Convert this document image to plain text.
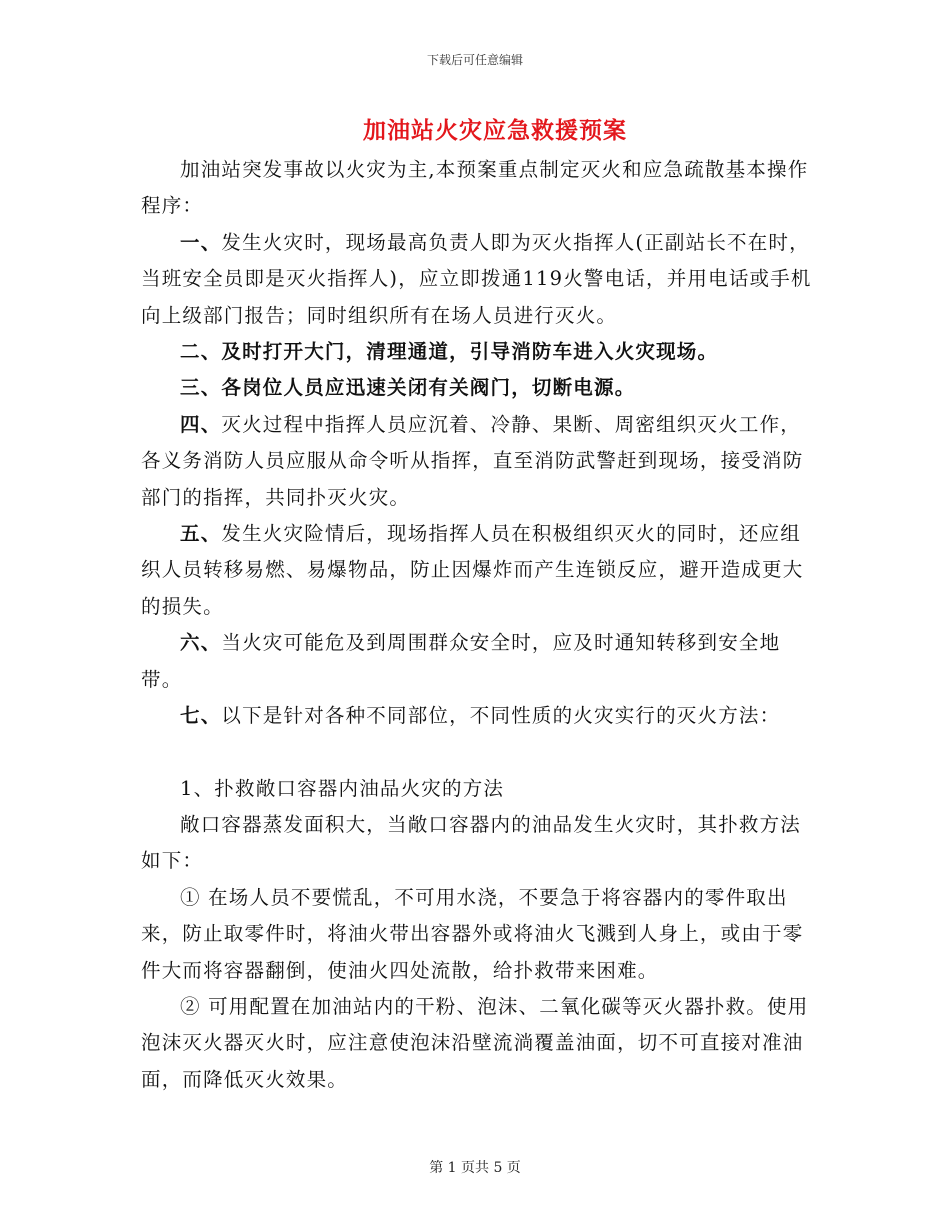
下载后可任意编辑
加油站火灾应急救援预案

加油站突发事故以火灾为主,本预案重点制定灭火和应急疏散基本操作程序：

一、发生火灾时，现场最高负责人即为灭火指挥人(正副站长不在时，当班安全员即是灭火指挥人)，应立即拨通119火警电话，并用电话或手机向上级部门报告；同时组织所有在场人员进行灭火。

二、及时打开大门，清理通道，引导消防车进入火灾现场。

三、各岗位人员应迅速关闭有关阀门，切断电源。

四、灭火过程中指挥人员应沉着、冷静、果断、周密组织灭火工作，各义务消防人员应服从命令听从指挥，直至消防武警赶到现场，接受消防部门的指挥，共同扑灭火灾。

五、发生火灾险情后，现场指挥人员在积极组织灭火的同时，还应组织人员转移易燃、易爆物品，防止因爆炸而产生连锁反应，避开造成更大的损失。

六、当火灾可能危及到周围群众安全时，应及时通知转移到安全地带。

七、以下是针对各种不同部位，不同性质的火灾实行的灭火方法：

1、扑救敞口容器内油品火灾的方法

敞口容器蒸发面积大，当敞口容器内的油品发生火灾时，其扑救方法如下：

① 在场人员不要慌乱，不可用水浇，不要急于将容器内的零件取出来，防止取零件时，将油火带出容器外或将油火飞溅到人身上，或由于零件大而将容器翻倒，使油火四处流散，给扑救带来困难。

② 可用配置在加油站内的干粉、泡沫、二氧化碳等灭火器扑救。使用泡沫灭火器灭火时，应注意使泡沫沿壁流淌覆盖油面，切不可直接对准油面，而降低灭火效果。

第 1 页共 5 页
